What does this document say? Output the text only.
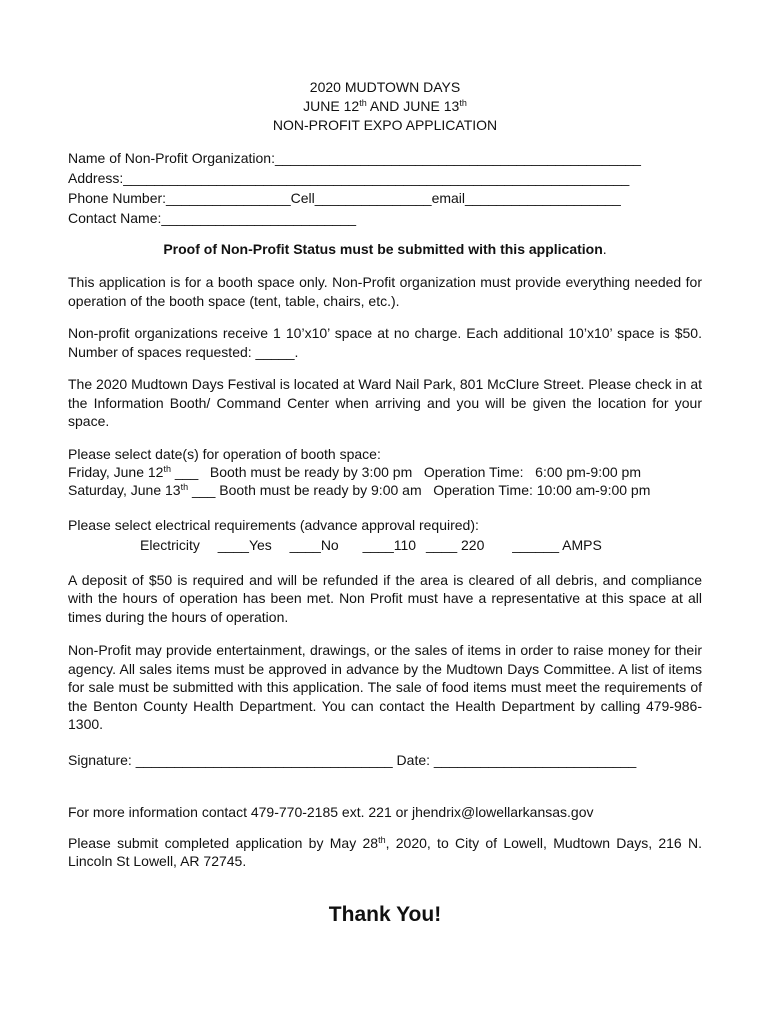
2020 MUDTOWN DAYS
JUNE 12th AND JUNE 13th
NON-PROFIT EXPO APPLICATION
Name of Non-Profit Organization:_______________________________________________
Address:_________________________________________________________________
Phone Number:________________Cell_______________email____________________
Contact Name:_________________________
Proof of Non-Profit Status must be submitted with this application.

This application is for a booth space only. Non-Profit organization must provide everything needed for operation of the booth space (tent, table, chairs, etc.).

Non-profit organizations receive 1 10’x10’ space at no charge. Each additional 10’x10’ space is $50. Number of spaces requested: _____.

The 2020 Mudtown Days Festival is located at Ward Nail Park, 801 McClure Street. Please check in at the Information Booth/ Command Center when arriving and you will be given the location for your space.

Please select date(s) for operation of booth space:
Friday, June 12th ___   Booth must be ready by 3:00 pm   Operation Time:   6:00 pm-9:00 pm
Saturday, June 13th ___ Booth must be ready by 9:00 am   Operation Time: 10:00 am-9:00 pm
Please select electrical requirements (advance approval required):
Electricity ____Yes ____No ____110 ____ 220 ______ AMPS

A deposit of $50 is required and will be refunded if the area is cleared of all debris, and compliance with the hours of operation has been met. Non Profit must have a representative at this space at all times during the hours of operation.

Non-Profit may provide entertainment, drawings, or the sales of items in order to raise money for their agency. All sales items must be approved in advance by the Mudtown Days Committee. A list of items for sale must be submitted with this application. The sale of food items must meet the requirements of the Benton County Health Department. You can contact the Health Department by calling 479-986-1300.

Signature: _________________________________ Date: __________________________
For more information contact 479-770-2185 ext. 221 or jhendrix@lowellarkansas.gov

Please submit completed application by May 28th, 2020, to City of Lowell, Mudtown Days, 216 N. Lincoln St Lowell, AR 72745.

Thank You!
